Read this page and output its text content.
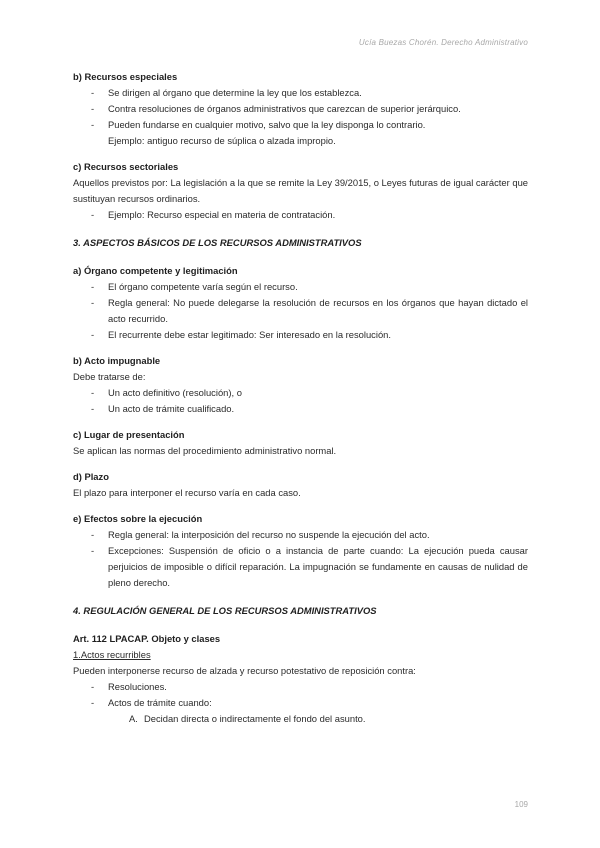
Ucía Buezas Chorén. Derecho Administrativo
b) Recursos especiales
- Se dirigen al órgano que determine la ley que los establezca.
- Contra resoluciones de órganos administrativos que carezcan de superior jerárquico.
- Pueden fundarse en cualquier motivo, salvo que la ley disponga lo contrario.
Ejemplo: antiguo recurso de súplica o alzada impropio.
c) Recursos sectoriales
Aquellos previstos por: La legislación a la que se remite la Ley 39/2015, o Leyes futuras de igual carácter que sustituyan recursos ordinarios.
- Ejemplo: Recurso especial en materia de contratación.
3. ASPECTOS BÁSICOS DE LOS RECURSOS ADMINISTRATIVOS
a) Órgano competente y legitimación
- El órgano competente varía según el recurso.
- Regla general: No puede delegarse la resolución de recursos en los órganos que hayan dictado el acto recurrido.
- El recurrente debe estar legitimado: Ser interesado en la resolución.
b) Acto impugnable
Debe tratarse de:
- Un acto definitivo (resolución), o
- Un acto de trámite cualificado.
c) Lugar de presentación
Se aplican las normas del procedimiento administrativo normal.
d) Plazo
El plazo para interponer el recurso varía en cada caso.
e) Efectos sobre la ejecución
- Regla general: la interposición del recurso no suspende la ejecución del acto.
- Excepciones: Suspensión de oficio o a instancia de parte cuando: La ejecución pueda causar perjuicios de imposible o difícil reparación. La impugnación se fundamente en causas de nulidad de pleno derecho.
4. REGULACIÓN GENERAL DE LOS RECURSOS ADMINISTRATIVOS
Art. 112 LPACAP. Objeto y clases
1.Actos recurribles
Pueden interponerse recurso de alzada y recurso potestativo de reposición contra:
- Resoluciones.
- Actos de trámite cuando:
A. Decidan directa o indirectamente el fondo del asunto.
109
